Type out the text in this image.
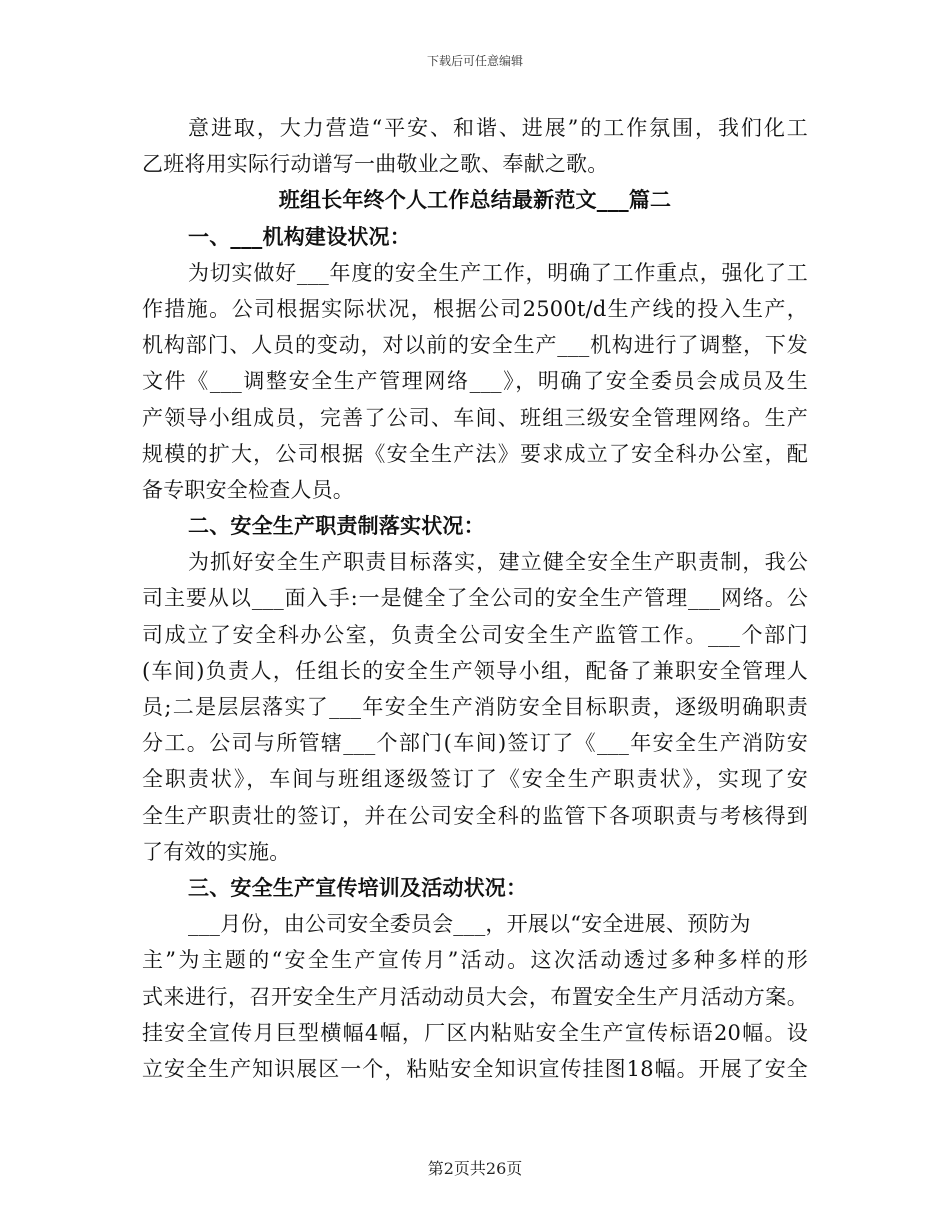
下载后可任意编辑
意进取，大力营造“平安、和谐、进展”的工作氛围，我们化工
乙班将用实际行动谱写一曲敬业之歌、奉献之歌。
班组长年终个人工作总结最新范文___篇二
一、___机构建设状况：
为切实做好___年度的安全生产工作，明确了工作重点，强化了工
作措施。公司根据实际状况，根据公司2500t/d生产线的投入生产，
机构部门、人员的变动，对以前的安全生产___机构进行了调整，下发
文件《___调整安全生产管理网络___》，明确了安全委员会成员及生
产领导小组成员，完善了公司、车间、班组三级安全管理网络。生产
规模的扩大，公司根据《安全生产法》要求成立了安全科办公室，配
备专职安全检查人员。
二、安全生产职责制落实状况：
为抓好安全生产职责目标落实，建立健全安全生产职责制，我公
司主要从以___面入手:一是健全了全公司的安全生产管理___网络。公
司成立了安全科办公室，负责全公司安全生产监管工作。___个部门
(车间)负责人，任组长的安全生产领导小组，配备了兼职安全管理人
员;二是层层落实了___年安全生产消防安全目标职责，逐级明确职责
分工。公司与所管辖___个部门(车间)签订了《___年安全生产消防安
全职责状》，车间与班组逐级签订了《安全生产职责状》，实现了安
全生产职责壮的签订，并在公司安全科的监管下各项职责与考核得到
了有效的实施。
三、安全生产宣传培训及活动状况：
___月份，由公司安全委员会___，开展以“安全进展、预防为
主”为主题的“安全生产宣传月”活动。这次活动透过多种多样的形
式来进行，召开安全生产月活动动员大会，布置安全生产月活动方案。
挂安全宣传月巨型横幅4幅，厂区内粘贴安全生产宣传标语20幅。设
立安全生产知识展区一个，粘贴安全知识宣传挂图18幅。开展了安全
第2页共26页
